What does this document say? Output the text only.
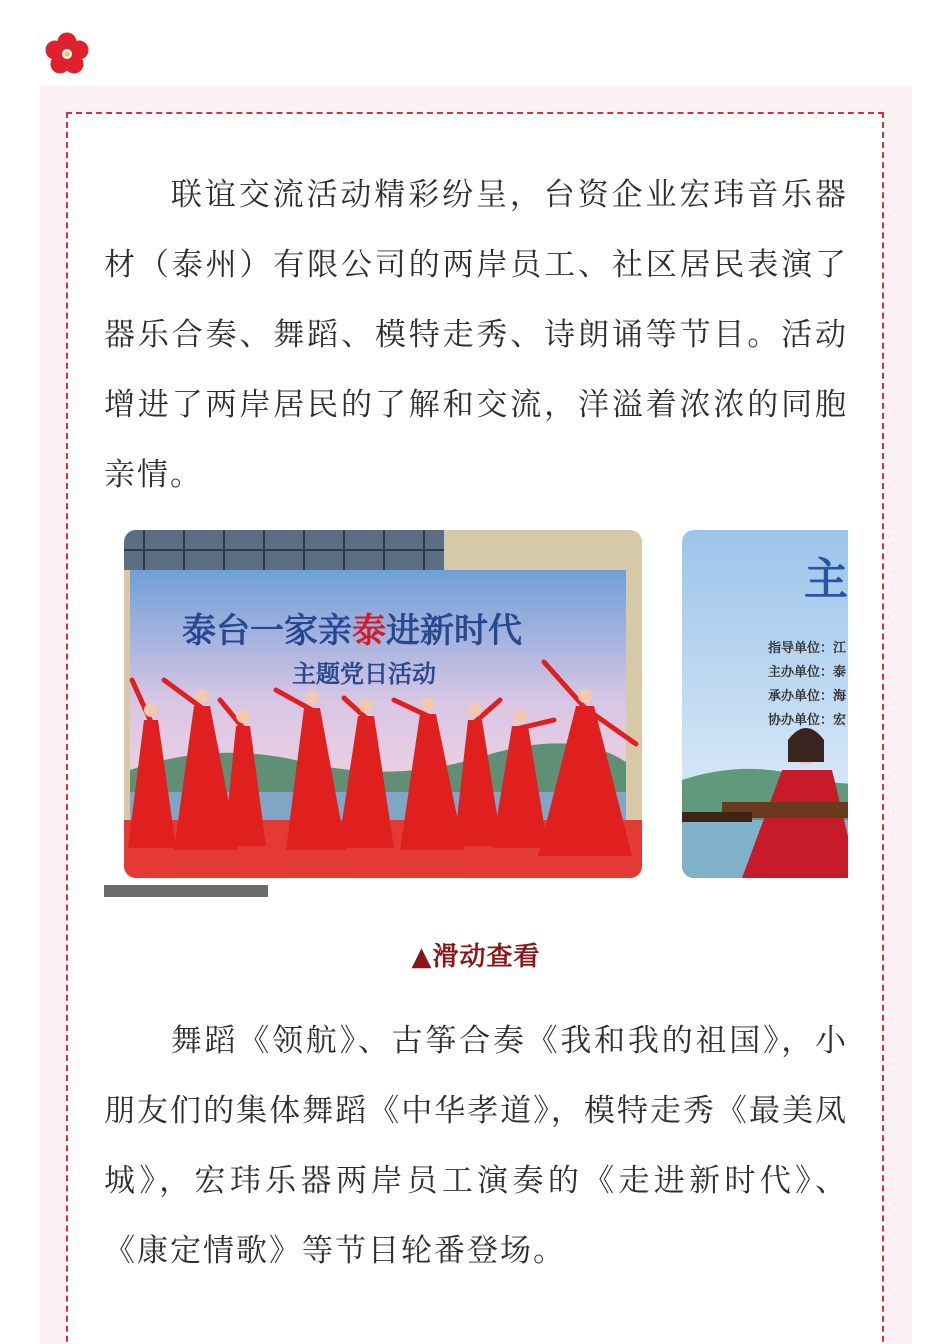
联谊交流活动精彩纷呈，台资企业宏玮音乐器材（泰州）有限公司的两岸员工、社区居民表演了器乐合奏、舞蹈、模特走秀、诗朗诵等节目。活动增进了两岸居民的了解和交流，洋溢着浓浓的同胞亲情。

泰台一家亲泰进新时代
主题党日活动
主
指导单位：江
主办单位：泰
承办单位：海
协办单位：宏
▲滑动查看

舞蹈《领航》、古筝合奏《我和我的祖国》，小朋友们的集体舞蹈《中华孝道》，模特走秀《最美凤城》，宏玮乐器两岸员工演奏的《走进新时代》、《康定情歌》等节目轮番登场。
